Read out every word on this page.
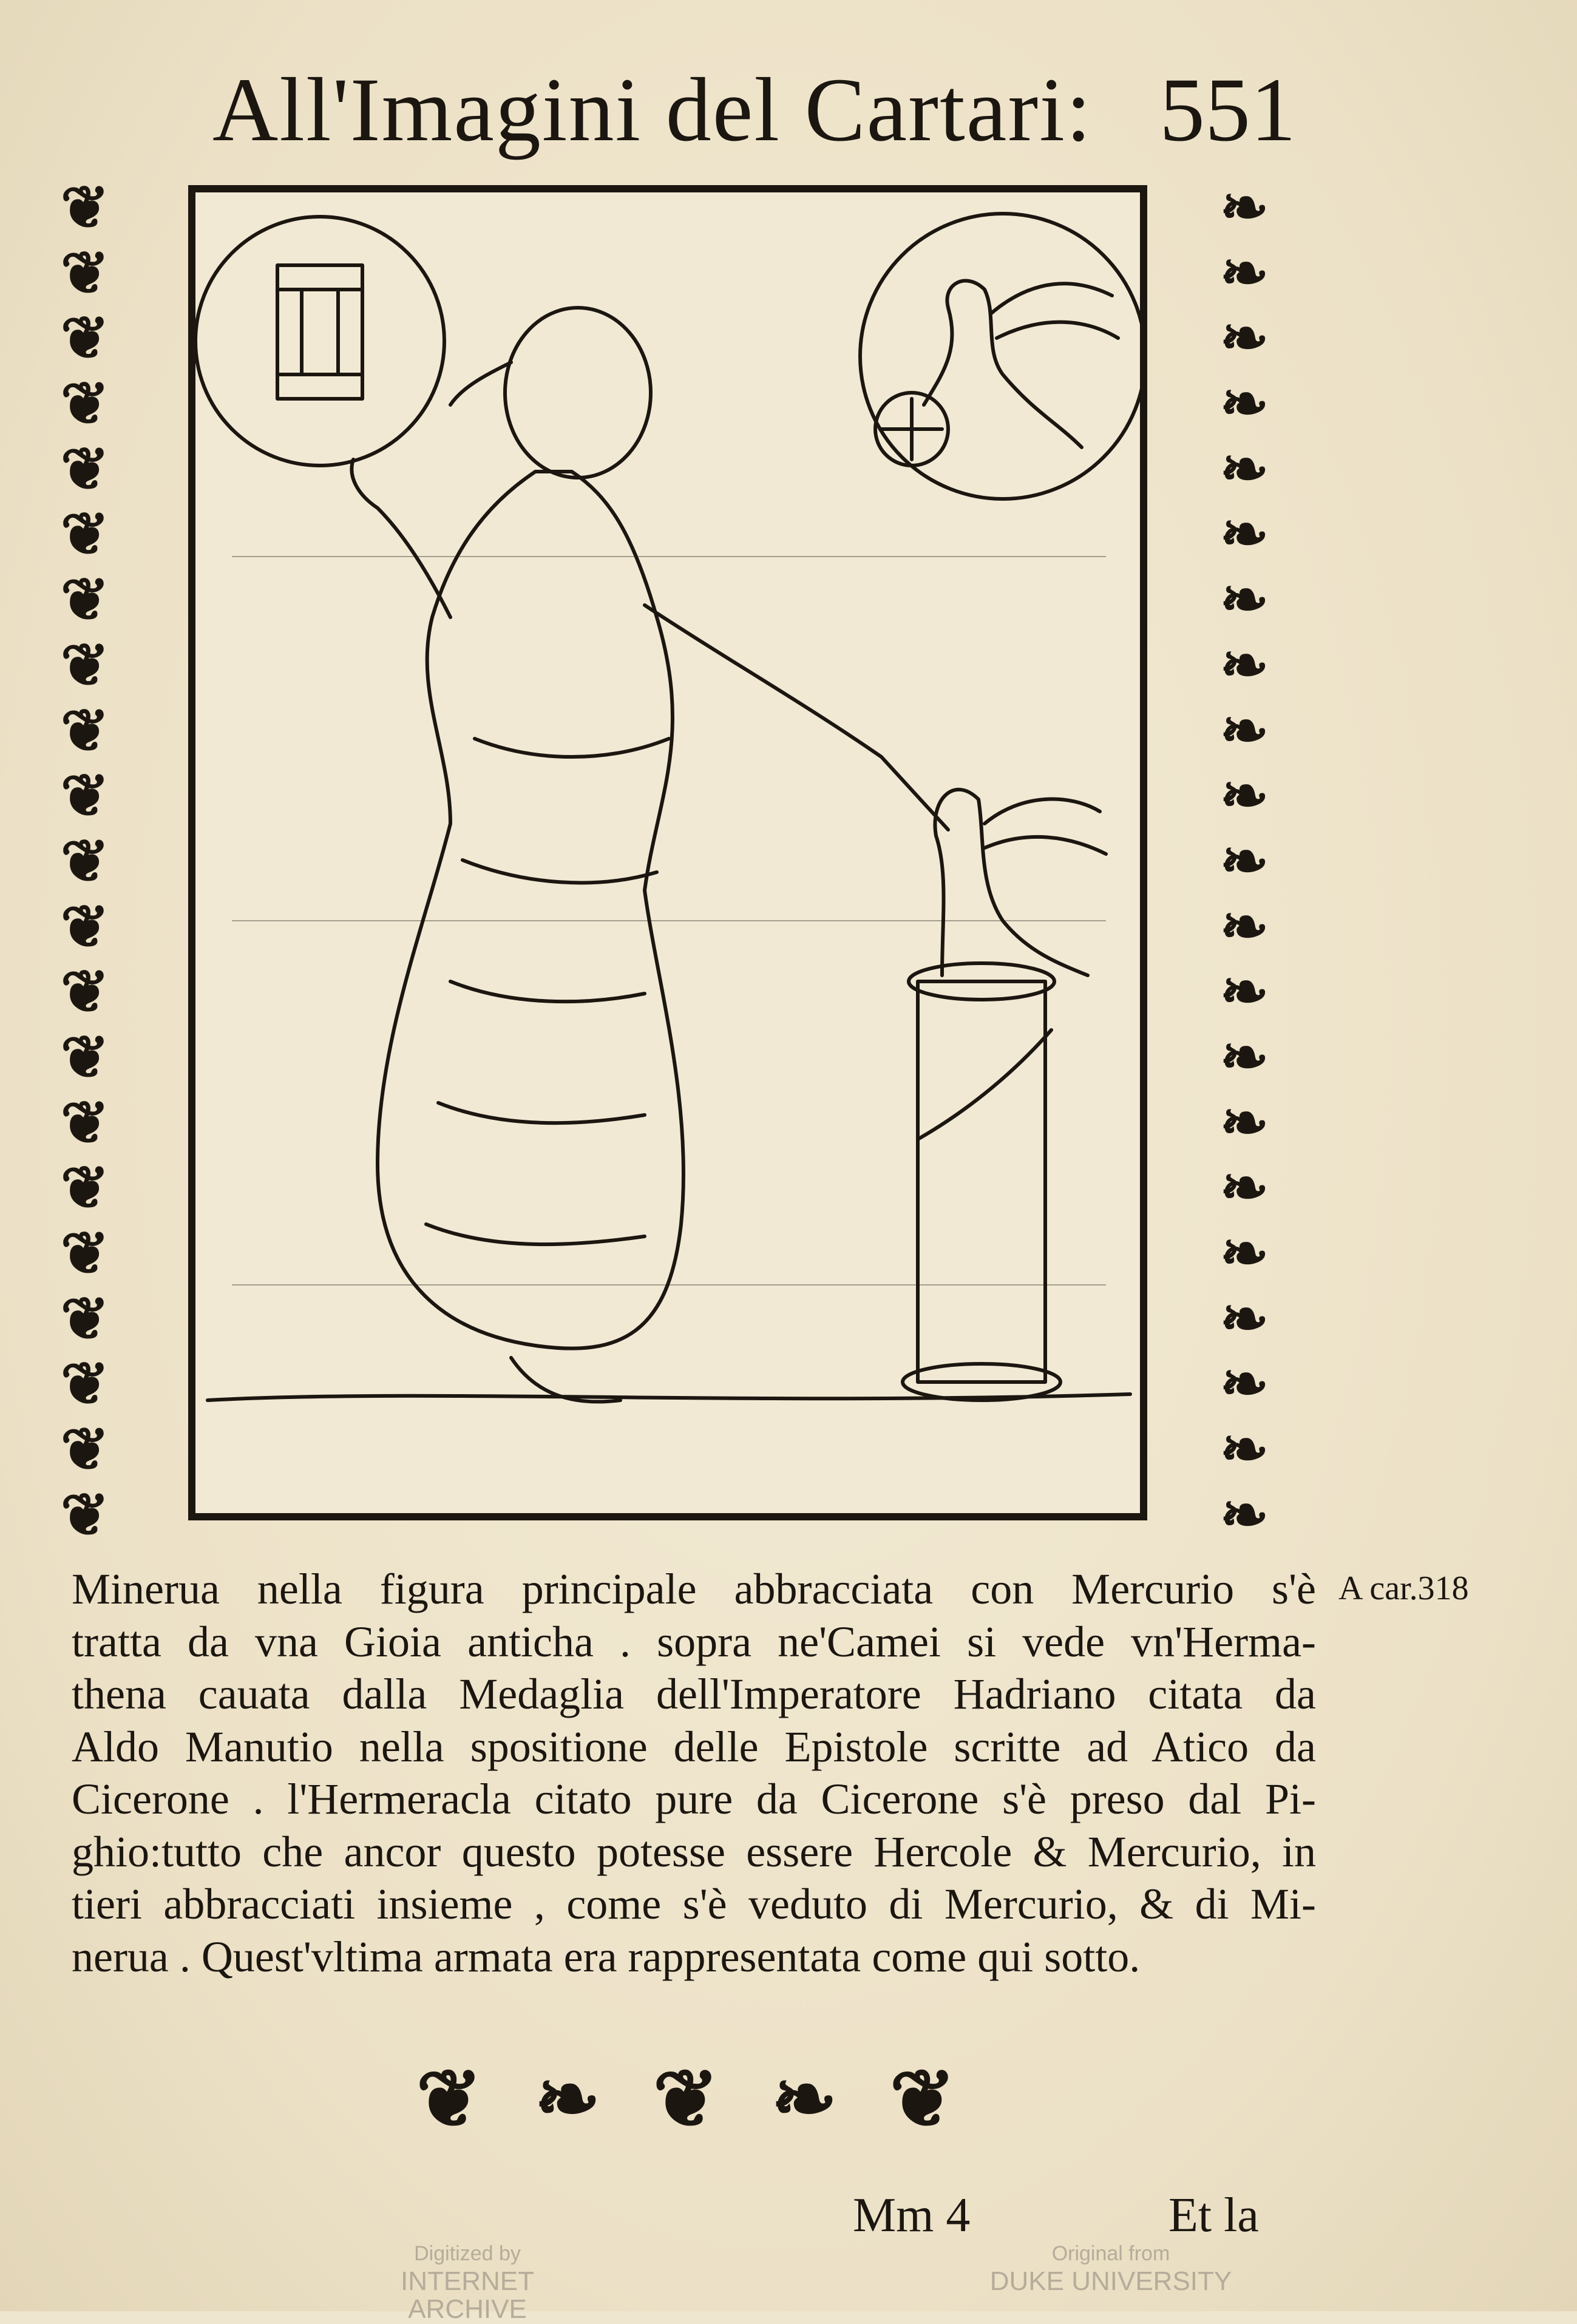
All'Imagini del Cartari: 551
❦
❦
❦
❦
❦
❦
❦
❦
❦
❦
❦
❦
❦
❦
❦
❦
❦
❦
❦
❦
❦
❧
❧
❧
❧
❧
❧
❧
❧
❧
❧
❧
❧
❧
❧
❧
❧
❧
❧
❧
❧
❧
Minerua nella figura principale abbracciata con Mercurio s'è
tratta da vna Gioia anticha . sopra ne'Camei si vede vn'Herma-
thena cauata dalla Medaglia dell'Imperatore Hadriano citata da
Aldo Manutio nella spositione delle Epistole scritte ad Atico da
Cicerone . l'Hermeracla citato pure da Cicerone s'è preso dal Pi-
ghio:tutto che ancor questo potesse essere Hercole & Mercurio, in
tieri abbracciati insieme , come s'è veduto di Mercurio, & di Mi-
nerua . Quest'vltima armata era rappresentata come qui sotto.
A car.318
❦ ❧ ❦ ❧ ❦
Mm 4	Et la
Digitized by
INTERNET ARCHIVE
Original from
DUKE UNIVERSITY
